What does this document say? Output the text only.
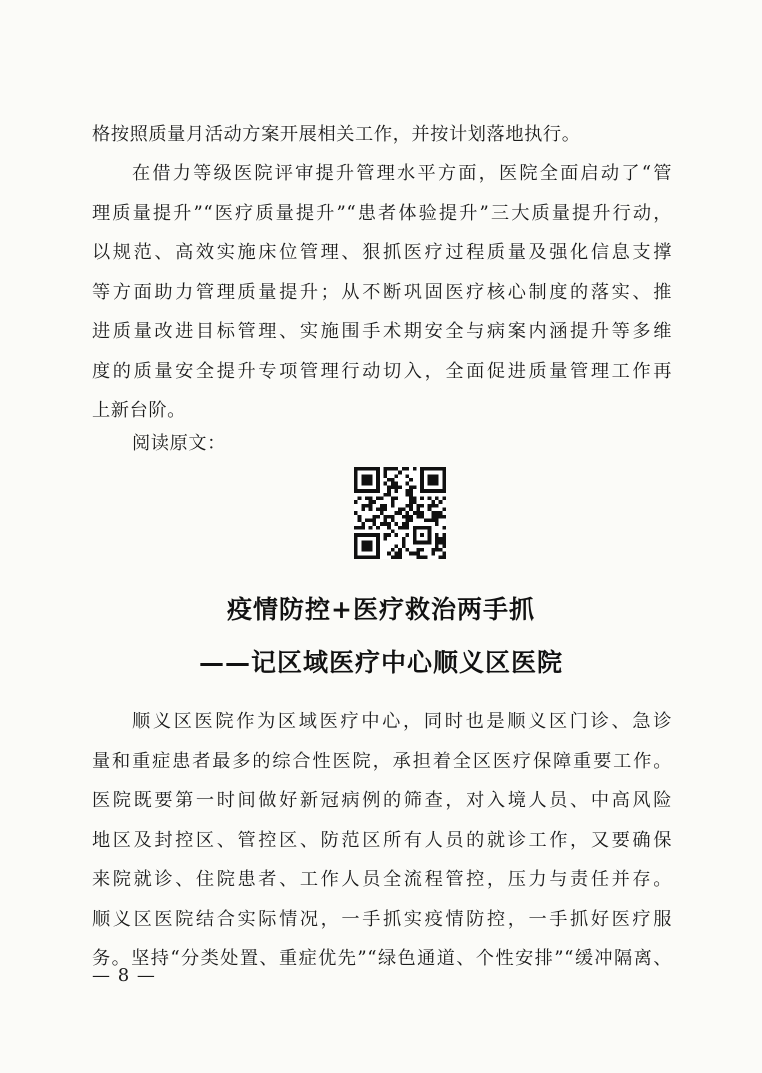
格按照质量月活动方案开展相关工作，并按计划落地执行。
在借力等级医院评审提升管理水平方面，医院全面启动了“管
理质量提升”“医疗质量提升”“患者体验提升”三大质量提升行动，
以规范、高效实施床位管理、狠抓医疗过程质量及强化信息支撑
等方面助力管理质量提升；从不断巩固医疗核心制度的落实、推
进质量改进目标管理、实施围手术期安全与病案内涵提升等多维
度的质量安全提升专项管理行动切入，全面促进质量管理工作再
上新台阶。
阅读原文：
疫情防控+医疗救治两手抓
——记区域医疗中心顺义区医院
顺义区医院作为区域医疗中心，同时也是顺义区门诊、急诊
量和重症患者最多的综合性医院，承担着全区医疗保障重要工作。
医院既要第一时间做好新冠病例的筛查，对入境人员、中高风险
地区及封控区、管控区、防范区所有人员的就诊工作，又要确保
来院就诊、住院患者、工作人员全流程管控，压力与责任并存。
顺义区医院结合实际情况，一手抓实疫情防控，一手抓好医疗服
务。坚持“分类处置、重症优先”“绿色通道、个性安排”“缓冲隔离、
— 8 —
